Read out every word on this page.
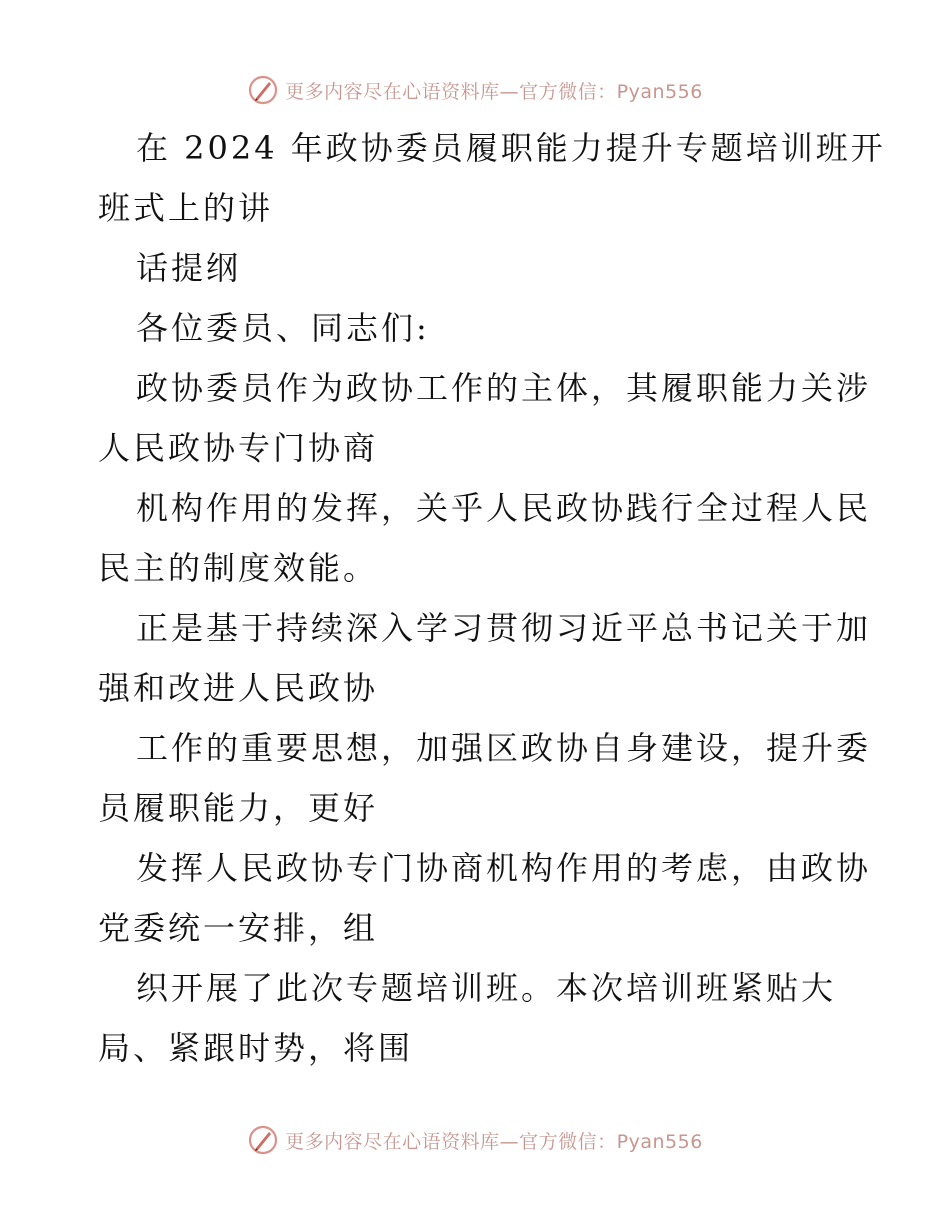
更多内容尽在心语资料库—官方微信：Pyan556
在 2024 年政协委员履职能力提升专题培训班开
班式上的讲
话提纲
各位委员、同志们:
政协委员作为政协工作的主体，其履职能力关涉
人民政协专门协商
机构作用的发挥，关乎人民政协践行全过程人民
民主的制度效能。
正是基于持续深入学习贯彻习近平总书记关于加
强和改进人民政协
工作的重要思想，加强区政协自身建设，提升委
员履职能力，更好
发挥人民政协专门协商机构作用的考虑，由政协
党委统一安排，组
织开展了此次专题培训班。本次培训班紧贴大
局、紧跟时势，将围
更多内容尽在心语资料库—官方微信：Pyan556
